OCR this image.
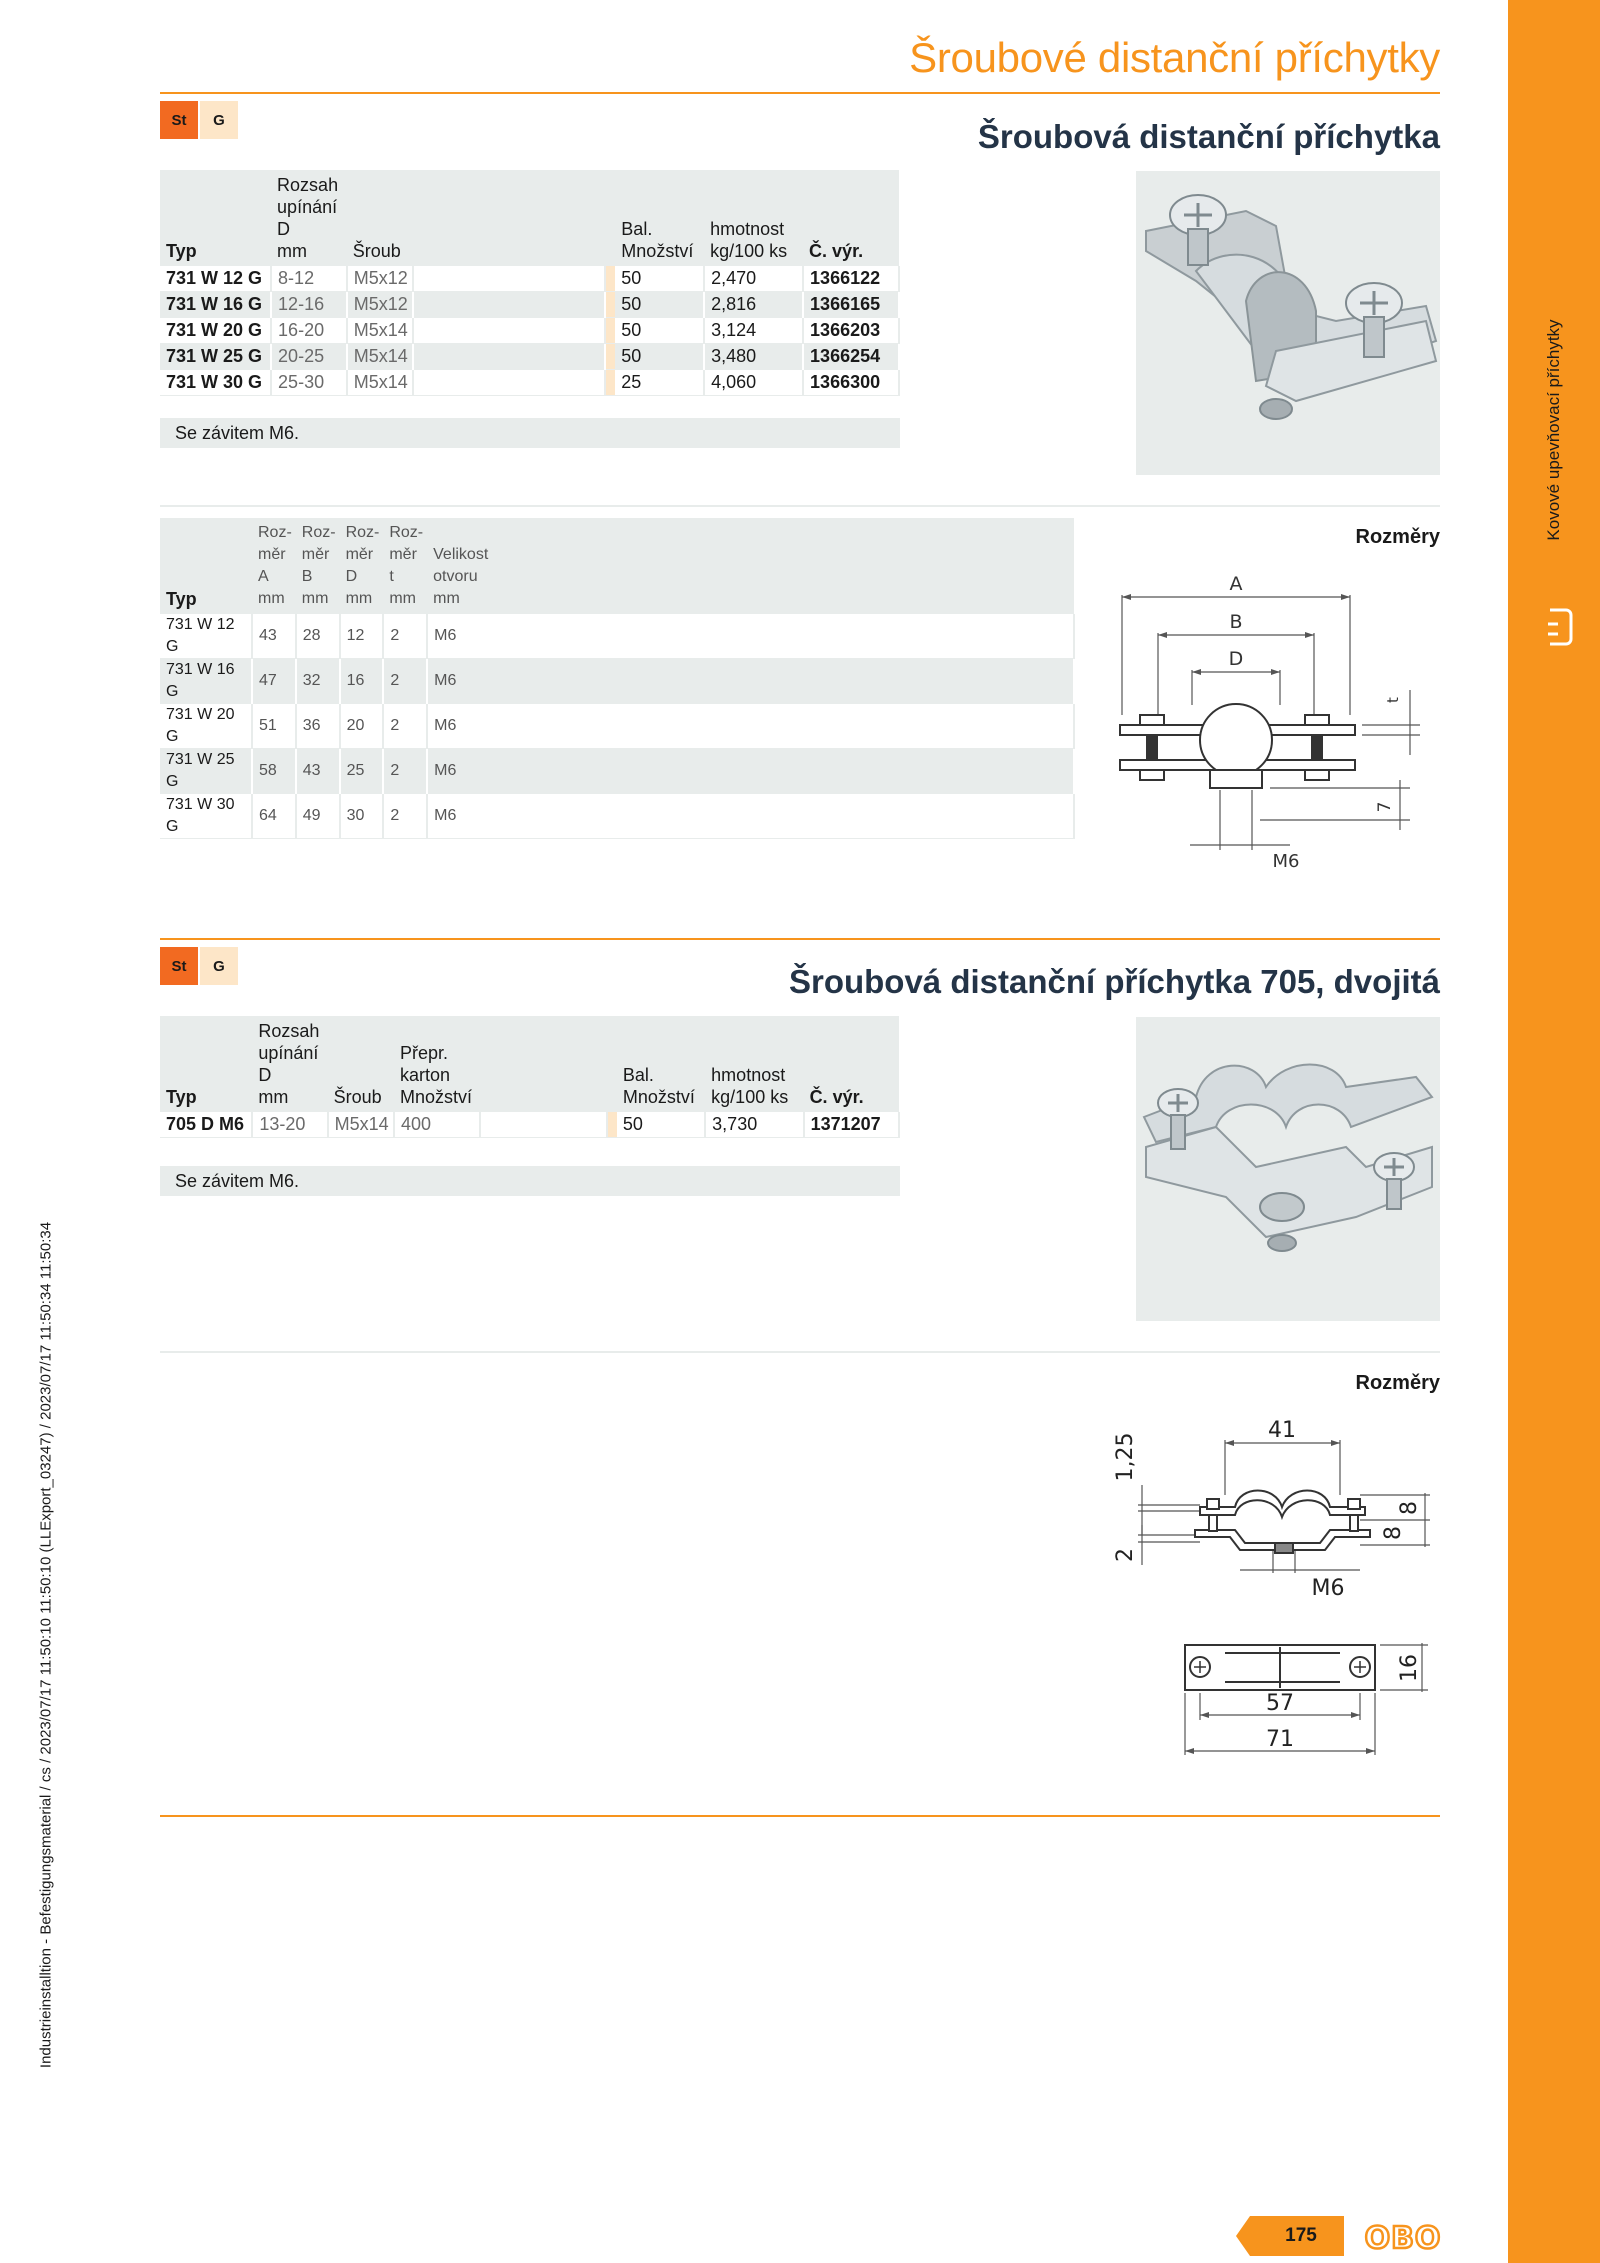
Kovové upevňovací příchytky
Industrieinstalltion - Befestigungsmaterial / cs / 2023/07/17 11:50:10 11:50:10 (LLExport_03247) / 2023/07/17 11:50:34 11:50:34
Šroubové distanční příchytky
St	G	Šroubová distanční příchytka
Typ	Rozsah
upínání
D
mm	Šroub			Bal.
Množství	hmotnost
kg/100 ks	Č. výr.
731 W 12 G	8-12	M5x12			50	2,470	1366122
731 W 16 G	12-16	M5x12			50	2,816	1366165
731 W 20 G	16-20	M5x14			50	3,124	1366203
731 W 25 G	20-25	M5x14			50	3,480	1366254
731 W 30 G	25-30	M5x14			25	4,060	1366300
Se závitem M6.
Typ	Roz-
měr
A
mm	Roz-
měr
B
mm	Roz-
měr
D
mm	Roz-
měr
t
mm	Velikost
otvoru
mm
731 W 12 G	43	28	12	2	M6
731 W 16 G	47	32	16	2	M6
731 W 20 G	51	36	20	2	M6
731 W 25 G	58	43	25	2	M6
731 W 30 G	64	49	30	2	M6
Rozměry
A
B
D
t
7
M6
St	G	Šroubová distanční příchytka 705, dvojitá
Typ	Rozsah
upínání
D
mm	Šroub	Přepr.
karton
Množství			Bal.
Množství	hmotnost
kg/100 ks	Č. výr.
705 D M6	13-20	M5x14	400			50	3,730	1371207
Se závitem M6.
Rozměry
41
1,25
2
8
8
M6
16
57
71
175	OBO
